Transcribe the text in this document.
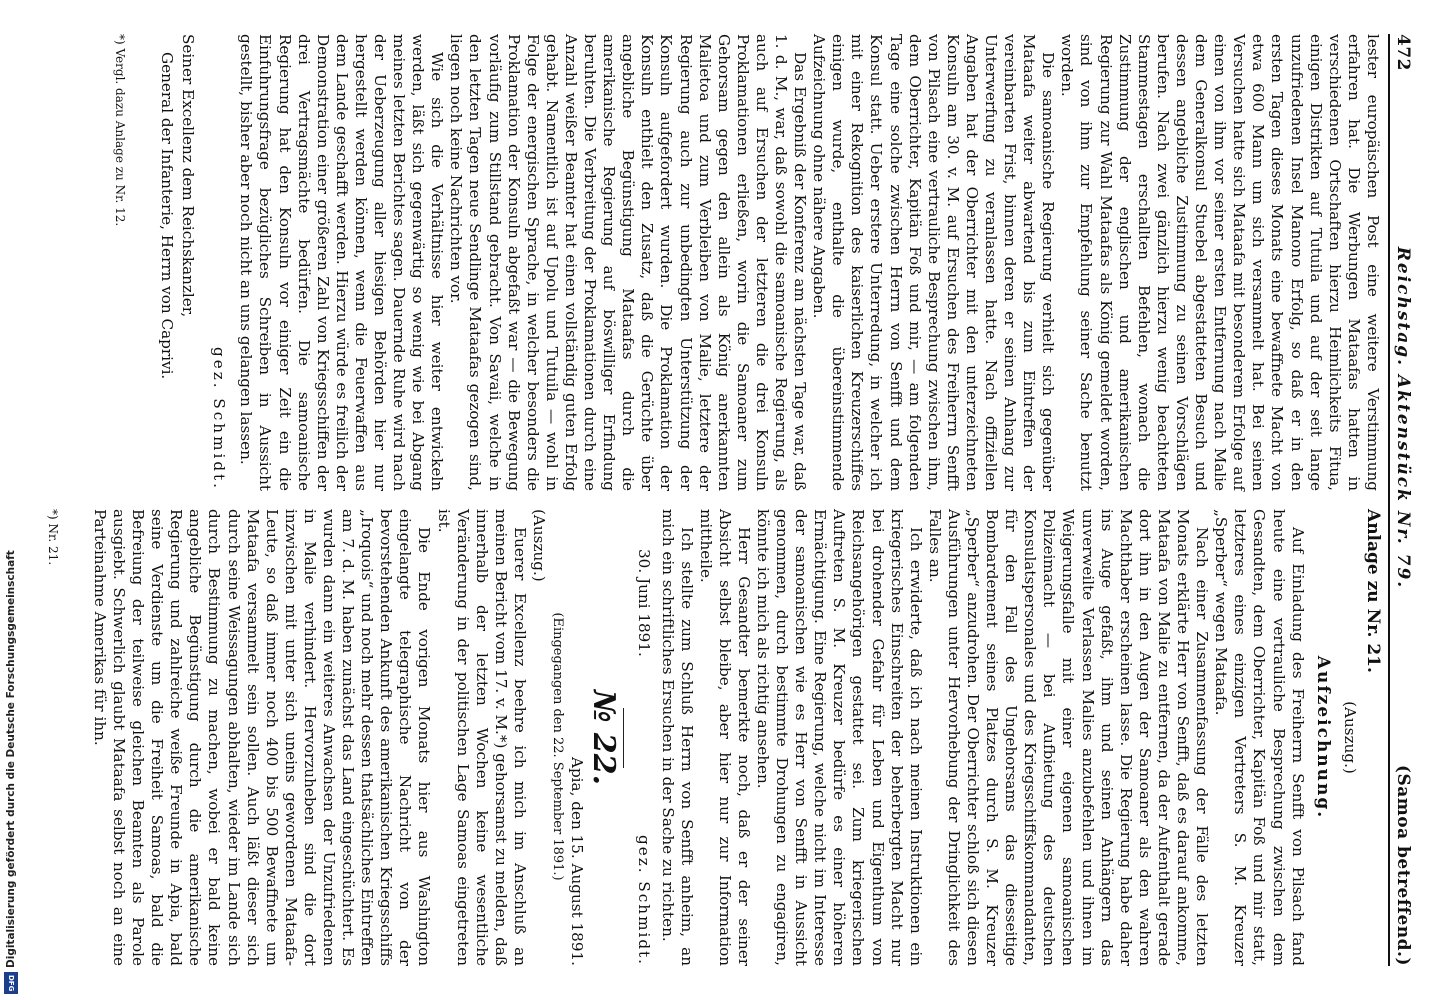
472
Reichstag. Aktenstück Nr. 79.
(Samoa betreffend.)

lester europäischen Post eine weitere Verstimmung erfahren hat. Die Werbungen Mataafas hatten in verschiedenen Ortschaften hierzu Heimlichkeits Fitua, einigen Distrikten auf Tutuila und auf der seit lange unzufriedenen Insel Manono Erfolg, so daß er in den ersten Tagen dieses Monats eine bewaffnete Macht von etwa 600 Mann um sich versammelt hat. Bei seinen Versuchen hatte sich Mataafa mit besonderem Erfolge auf einen von ihm vor seiner ersten Entfernung nach Malie dem Generalkonsul Stuebel abgestatteten Besuch und dessen angebliche Zustimmung zu seinen Vorschlägen berufen. Nach zwei gänzlich hierzu wenig beachteten Stammestagen erschallten Befehlen, wonach die Zustimmung der englischen und amerikanischen Regierung zur Wahl Mataafas als König gemeldet worden, sind von ihm zur Empfehlung seiner Sache benutzt worden.

Die samoanische Regierung verhielt sich gegenüber Mataafa weiter abwartend bis zum Eintreffen der vereinbarten Frist, binnen deren er seinen Anhang zur Unterwerfung zu veranlassen hatte. Nach offiziellen Angaben hat der Oberrichter mit den unterzeichneten Konsuln am 30. v. M. auf Ersuchen des Freiherrn Senfft von Pilsach eine vertrauliche Besprechung zwischen ihm, dem Oberrichter, Kapitän Foß und mir, — am folgenden Tage eine solche zwischen Herrn von Senfft und dem Konsul statt. Ueber erstere Unterredung, in welcher ich mit einer Rekognition des kaiserlichen Kreuzerschiffes einigen wurde, enthalte die übereinstimmende Aufzeichnung ohne nähere Angaben.

Das Ergebniß der Konferenz am nächsten Tage war, daß 1. d. M., war, daß sowohl die samoanische Regierung, als auch auf Ersuchen der letzteren die drei Konsuln Proklamationen erließen, worin die Samoaner zum Gehorsam gegen den allein als König anerkannten Malietoa und zum Verbleiben von Malie, letztere der Regierung auch zur unbedingten Unterstützung der Konsuln aufgefordert wurden. Die Proklamation der Konsuln enthielt den Zusatz, daß die Gerüchte über angebliche Begünstigung Mataafas durch die amerikanische Regierung auf böswilliger Erfindung beruhten. Die Verbreitung der Proklamationen durch eine Anzahl weißer Beamter hat einen vollständig guten Erfolg gehabt. Namentlich ist auf Upolu und Tutuila — wohl in Folge der energischen Sprache, in welcher besonders die Proklamation der Konsuln abgefaßt war — die Bewegung vorläufig zum Stillstand gebracht. Von Savaii, welche in den letzten Tagen neue Sendlinge Mataafas gezogen sind, liegen noch keine Nachrichten vor.

Wie sich die Verhältnisse hier weiter entwickeln werden, läßt sich gegenwärtig so wenig wie bei Abgang meines letzten Berichtes sagen. Dauernde Ruhe wird nach der Ueberzeugung aller hiesigen Behörden hier nur hergestellt werden können, wenn die Feuerwaffen aus dem Lande geschafft werden. Hierzu würde es freilich der Demonstration einer größeren Zahl von Kriegsschiffen der drei Vertragsmächte bedürfen. Die samoanische Regierung hat den Konsuln vor einiger Zeit ein die Einfuhrungsfrage bezügliches Schreiben in Aussicht gestellt, bisher aber noch nicht an uns gelangen lassen.

gez. Schmidt.
Seiner Excellenz dem Reichskanzler,
General der Infanterie, Herrn von Caprivi.
*) Vergl. dazu Anlage zu Nr. 12.
Anlage zu Nr. 21.
(Auszug.)
Aufzeichnung.

Auf Einladung des Freiherrn Senfft von Pilsach fand heute eine vertrauliche Besprechung zwischen dem Gesandten, dem Oberrichter, Kapitän Foß und mir statt, letzteres eines einzigen Vertreters S. M. Kreuzer „Sperber“ wegen Mataafa.

Nach einer Zusammenfassung der Fälle des letzten Monats erklärte Herr von Senfft, daß es darauf ankomme, Mataafa von Malie zu entfernen, da der Aufenthalt gerade dort ihn in den Augen der Samoaner als den wahren Machthaber erscheinen lasse. Die Regierung habe daher ins Auge gefaßt, ihm und seinen Anhängern das unverweilte Verlassen Malies anzubefehlen und ihnen im Weigerungsfalle mit einer eigenen samoanischen Polizeimacht — bei Aufbietung des deutschen Konsulatspersonales und des Kriegsschiffskommandanten, für den Fall des Ungehorsams das diesseitige Bombardement seines Platzes durch S. M. Kreuzer „Sperber“ anzudrohen. Der Oberrichter schloß sich diesen Ausführungen unter Hervorhebung der Dringlichkeit des Falles an.

Ich erwiderte, daß ich nach meinen Instruktionen ein kriegerisches Einschreiten der beherbergten Macht nur bei drohender Gefahr für Leben und Eigenthum von Reichsangehörigen gestattet sei. Zum kriegerischen Auftreten S. M. Kreuzer bedürfe es einer höheren Ermächtigung. Eine Regierung, welche nicht im Interesse der samoanischen wie es Herr von Senfft in Aussicht genommen, durch bestimmte Drohungen zu engagiren, könnte ich mich als richtig ansehen.

Herr Gesandter bemerkte noch, daß er der seiner Absicht selbst bleibe, aber hier nur zur Information mittheile.

Ich stellte zum Schluß Herrn von Senfft anheim, an mich ein schriftliches Ersuchen in der Sache zu richten.

30. Juni 1891.
gez. Schmidt.
№ 22.

Apia, den 15. August 1891.

(Eingegangen den 22. September 1891.)

(Auszug.)

Euerer Excellenz beehre ich mich im Anschluß an meinen Bericht vom 17. v. M.*) gehorsamst zu melden, daß innerhalb der letzten Wochen keine wesentliche Veränderung in der politischen Lage Samoas eingetreten ist.

Die Ende vorigen Monats hier aus Washington eingelangte telegraphische Nachricht von der bevorstehenden Ankunft des amerikanischen Kriegsschiffs „Iroquois“ und noch mehr dessen thatsächliches Eintreffen am 7. d. M. haben zunächst das Land eingeschüchtert. Es wurden dann ein weiteres Anwachsen der Unzufriedenen in Malie verhindert. Hervorzuheben sind die dort inzwischen mit unter sich uneins gewordenen Mataafa-Leute, so daß immer noch 400 bis 500 Bewaffnete um Mataafa versammelt sein sollen. Auch läßt dieser sich durch seine Weissagungen abhalten, wieder im Lande sich durch Bestimmung zu machen, wobei er bald keine angebliche Begünstigung durch die amerikanische Regierung und zahlreiche weiße Freunde in Apia, bald seine Verdienste um die Freiheit Samoas, bald die Befreiung der teilweise gleichen Beamten als Parole ausgiebt. Schwerlich glaubt Mataafa selbst noch an eine Parteinahme Amerikas für ihn.

*) Nr. 21.
Digitalisierung gefördert durch die Deutsche Forschungsgemeinschaft
DFG
